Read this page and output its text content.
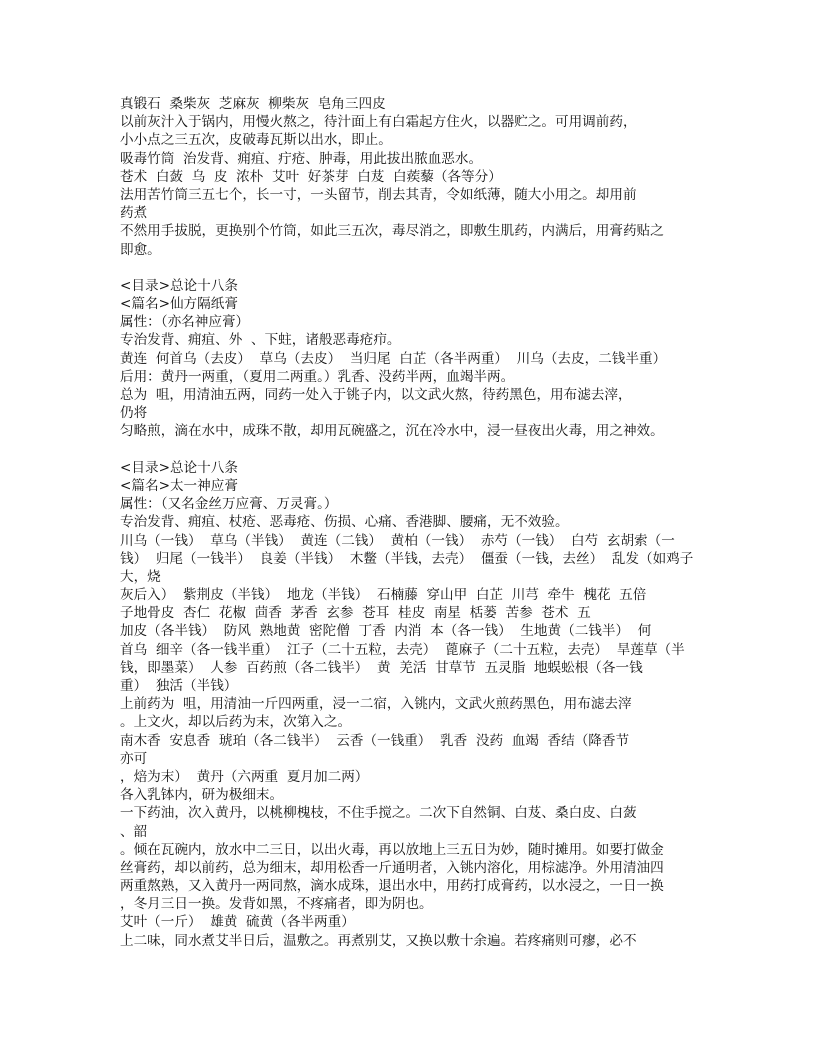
真锻石  桑柴灰  芝麻灰  柳柴灰  皂角三四皮
以前灰汁入于锅内，用慢火熬之，待汁面上有白霜起方住火，以器贮之。可用调前药，
小小点之三五次，皮破毒瓦斯以出水，即止。
吸毒竹筒  治发背、痈疽、疔疮、肿毒，用此拔出脓血恶水。
苍术  白蔹  乌  皮  浓朴  艾叶  好茶芽  白芨  白蒺藜（各等分）
法用苦竹筒三五七个，长一寸，一头留节，削去其青，令如纸薄，随大小用之。却用前
药煮
不然用手拔脱，更换别个竹筒，如此三五次，毒尽消之，即敷生肌药，内满后，用膏药贴之
即愈。
<目录>总论十八条
<篇名>仙方隔纸膏
属性：（亦名神应膏）
专治发背、痈疽、外  、下蛀，诸般恶毒疮疖。
黄连  何首乌（去皮）  草乌（去皮）  当归尾  白芷（各半两重）  川乌（去皮，二钱半重）
后用：黄丹一两重，（夏用二两重。）乳香、没药半两，血竭半两。
总为  咀，用清油五两，同药一处入于铫子内，以文武火熬，待药黑色，用布滤去滓，
仍将
匀略煎，滴在水中，成珠不散，却用瓦碗盛之，沉在冷水中，浸一昼夜出火毒，用之神效。
<目录>总论十八条
<篇名>太一神应膏
属性：（又名金丝万应膏、万灵膏。）
专治发背、痈疽、杖疮、恶毒疮、伤损、心痛、香港脚、腰痛，无不效验。
川乌（一钱）  草乌（半钱）  黄连（二钱）  黄柏（一钱）  赤芍（一钱）  白芍  玄胡索（一
钱）  归尾（一钱半）  良姜（半钱）  木鳖（半钱，去壳）  僵蚕（一钱，去丝）  乱发（如鸡子
大，烧
灰后入）  紫荆皮（半钱）  地龙（半钱）  石楠藤  穿山甲  白芷  川芎  牵牛  槐花  五倍
子地骨皮  杏仁  花椒  茴香  茅香  玄参  苍耳  桂皮  南星  栝蒌  苦参  苍术  五
加皮（各半钱）  防风  熟地黄  密陀僧  丁香  内消  本（各一钱）  生地黄（二钱半）  何
首乌  细辛（各一钱半重）  江子（二十五粒，去壳）  蓖麻子（二十五粒，去壳）  旱莲草（半
钱，即墨菜）  人参  百药煎（各二钱半）  黄  羌活  甘草节  五灵脂  地蜈蚣根（各一钱
重）  独活（半钱）
上前药为  咀，用清油一斤四两重，浸一二宿，入铫内，文武火煎药黑色，用布滤去滓
。上文火，却以后药为末，次第入之。
南木香  安息香  琥珀（各二钱半）  云香（一钱重）  乳香  没药  血竭  香结（降香节
亦可
，焙为末）  黄丹（六两重  夏月加二两）
各入乳钵内，研为极细末。
一下药油，次入黄丹，以桃柳槐枝，不住手搅之。二次下自然铜、白芨、桑白皮、白蔹
、韶
。倾在瓦碗内，放水中二三日，以出火毒，再以放地上三五日为妙，随时摊用。如要打做金
丝膏药，却以前药，总为细末，却用松香一斤通明者，入铫内溶化，用棕滤净。外用清油四
两重熬熟，又入黄丹一两同熬，滴水成珠，退出水中，用药打成膏药，以水浸之，一日一换
，冬月三日一换。发背如黑，不疼痛者，即为阴也。
艾叶（一斤）  雄黄  硫黄（各半两重）
上二味，同水煮艾半日后，温敷之。再煮别艾，又换以敷十余遍。若疼痛则可瘳，必不
